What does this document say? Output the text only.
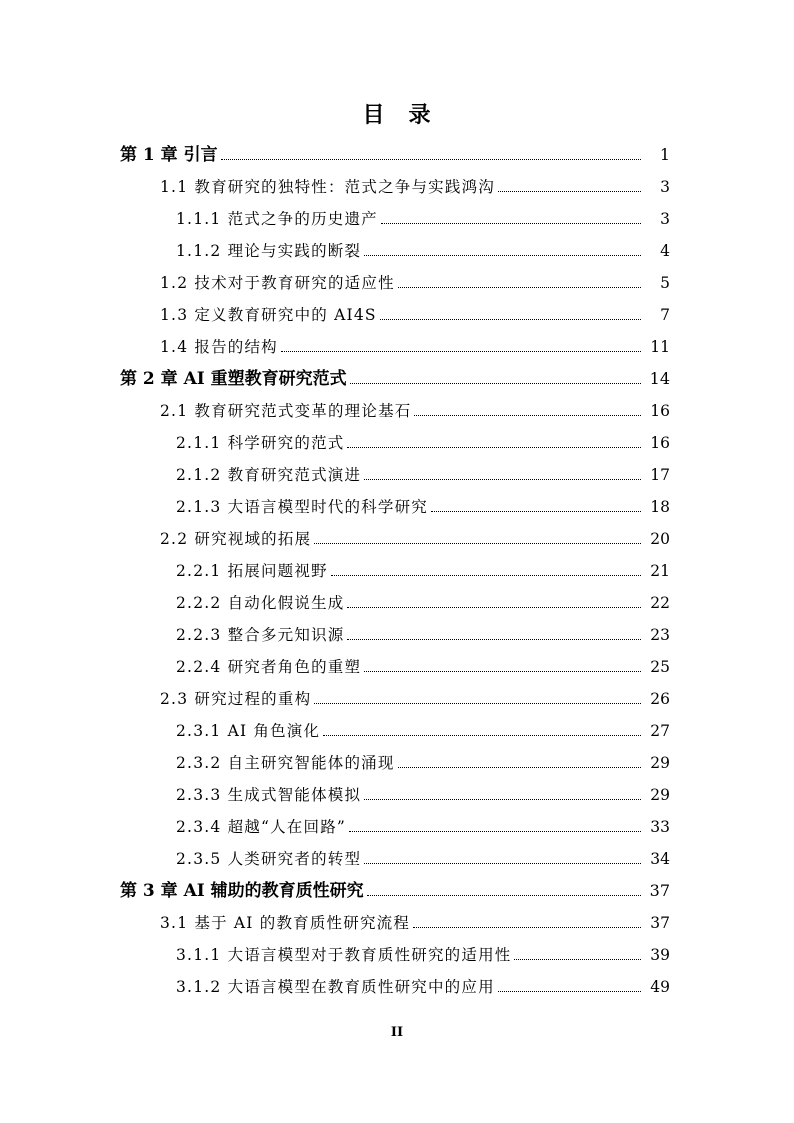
目　录
第 1 章 引言	1
1.1 教育研究的独特性：范式之争与实践鸿沟	3
1.1.1 范式之争的历史遗产	3
1.1.2 理论与实践的断裂	4
1.2 技术对于教育研究的适应性	5
1.3 定义教育研究中的 AI4S	7
1.4 报告的结构	11
第 2 章 AI 重塑教育研究范式	14
2.1 教育研究范式变革的理论基石	16
2.1.1 科学研究的范式	16
2.1.2 教育研究范式演进	17
2.1.3 大语言模型时代的科学研究	18
2.2 研究视域的拓展	20
2.2.1 拓展问题视野	21
2.2.2 自动化假说生成	22
2.2.3 整合多元知识源	23
2.2.4 研究者角色的重塑	25
2.3 研究过程的重构	26
2.3.1 AI 角色演化	27
2.3.2 自主研究智能体的涌现	29
2.3.3 生成式智能体模拟	29
2.3.4 超越“人在回路”	33
2.3.5 人类研究者的转型	34
第 3 章 AI 辅助的教育质性研究	37
3.1 基于 AI 的教育质性研究流程	37
3.1.1 大语言模型对于教育质性研究的适用性	39
3.1.2 大语言模型在教育质性研究中的应用	49
II
